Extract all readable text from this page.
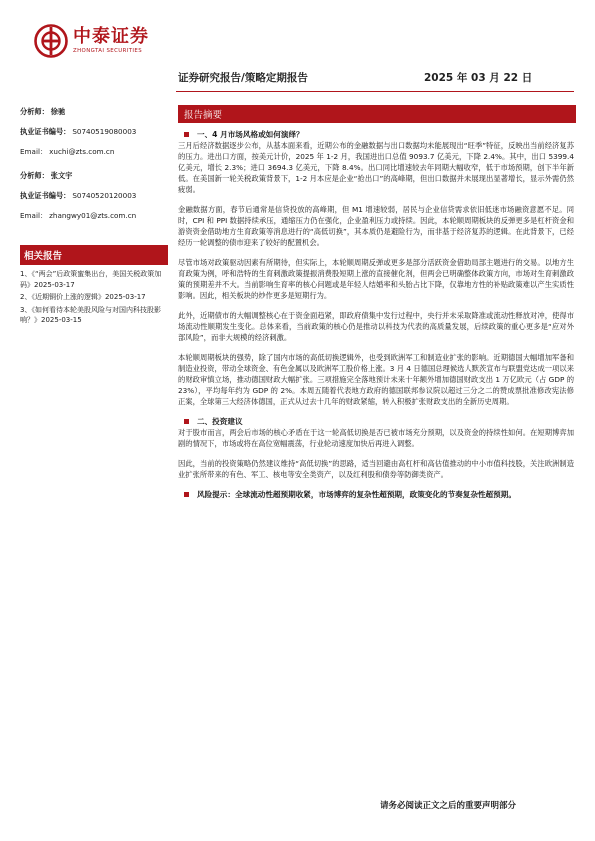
中泰证券
ZHONGTAI SECURITIES
证券研究报告/策略定期报告	2025 年 03 月 22 日
分析师： 徐驰
执业证书编号： S0740519080003
Email： xuchi@zts.com.cn
分析师： 张文宇
执业证书编号： S0740520120003
Email： zhangwy01@zts.com.cn
相关报告
1、《“两会”后政策蜜集出台，美国关税政策加码》2025-03-17
2、《近期铜价上涨的逻辑》2025-03-17
3、《如何看待本轮美股风险与对国内科技股影响？》2025-03-15
报告摘要
一、4 月市场风格或如何演绎？

三月后经济数据逐步公布，从基本面来看，近期公布的金融数据与出口数据均未能展现出“旺季”特征，反映出当前经济复苏的压力。进出口方面，按美元计价，2025 年 1-2 月，我国进出口总值 9093.7 亿美元，下降 2.4%。其中，出口 5399.4 亿美元，增长 2.3%；进口 3694.3 亿美元，下降 8.4%。出口同比增速较去年同期大幅收窄，低于市场预期，创下半年新低。在美国新一轮关税政策背景下，1-2 月本应是企业“抢出口”的高峰期，但出口数据并未展现出显著增长，显示外需仍然疲弱。

金融数据方面，春节后通常是信贷投放的高峰期，但 M1 增速较弱，居民与企业信贷需求依旧低迷市场融资意愿不足。同时，CPI 和 PPI 数据持续承压，通缩压力仍在强化，企业盈利压力或持续。因此，本轮顺周期板块的反弹更多是杠杆资金和游资资金借助地方生育政策等消息进行的“高低切换”，其本质仍是避险行为，而非基于经济复苏的逻辑。在此背景下，已经经历一轮调整的债市迎来了较好的配置机会。

尽管市场对政策驱动因素有所期待，但实际上，本轮顺周期反弹或更多是部分活跃资金借助局部主题进行的交易。以地方生育政策为例，呼和浩特的生育刺激政策提振消费股短期上涨的直接催化剂，但两会已明确整体政策方向，市场对生育刺激政策的预期差并不大。当前影响生育率的核心问题或是年轻人结婚率和头胎占比下降，仅靠地方性的补贴政策难以产生实质性影响。因此，相关板块的炒作更多是短期行为。

此外，近期债市的大幅调整核心在于资金面趋紧，即政府债集中发行过程中，央行并未采取降准或流动性释放对冲，使得市场流动性顺期发生变化。总体来看，当前政策的核心仍是推动以科技为代表的高质量发展，后续政策的重心更多是“应对外部风险”，而非大规模的经济刺激。

本轮顺周期板块的强势，除了国内市场的高低切换逻辑外，也受到欧洲军工和制造业扩张的影响。近期德国大幅增加军备和制造业投资，带动全球资金、有色金属以及欧洲军工股价格上涨。3 月 4 日德国总理候选人默茨宣布与联盟党达成一项以来的财政审慎立场，推动德国财政大幅扩张。三项措施完全落地预计未来十年额外增加德国财政支出 1 万亿欧元（占 GDP 的 23%），平均每年约为 GDP 的 2%。本周五随着代表地方政府的德国联邦参议院以超过三分之二的赞成票批准修改宪法修正案，全球第三大经济体德国，正式从过去十几年的财政紧缩，转入积极扩张财政支出的全新历史周期。

二、投资建议

对于股市而言，两会后市场的核心矛盾在于这一轮高低切换是否已被市场充分预期，以及资金的持续性如何。在短期博弈加剧的情况下，市场或将在高位宽幅震荡，行业轮动速度加快后再进入调整。

因此，当前的投资策略仍然建议维持“高低切换”的思路，适当回避由高杠杆和高估值推动的中小市值科技股，关注欧洲制造业扩张所带来的有色、军工、核电等安全类资产，以及红利股和债券等防御类资产。

风险提示：全球流动性超预期收紧，市场博弈的复杂性超预期，政策变化的节奏复杂性超预期。
请务必阅读正文之后的重要声明部分
